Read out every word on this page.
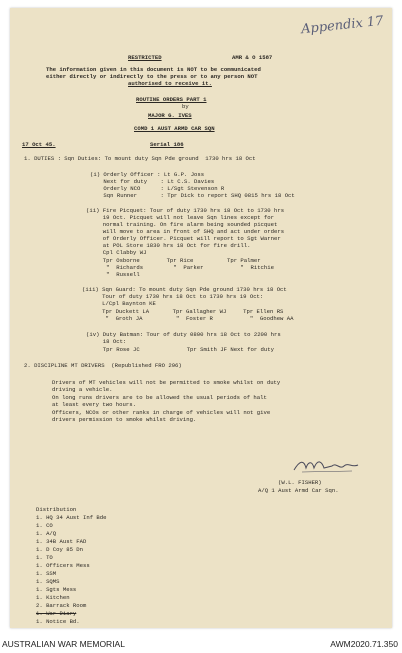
Appendix 17
RESTRICTED	AMR & O 1587
The information given in this document is NOT to be communicated
either directly or indirectly to the press or to any person NOT
authorised to receive it.
ROUTINE ORDERS PART 1
by
MAJOR G. IVES
COMD 1 AUST ARMD CAR SQN
17 Oct 45.	Serial 186
1. DUTIES : Sqn Duties: To mount duty Sqn Pde ground  1730 hrs 18 Oct
(i) Orderly Officer : Lt G.P. Joss
Next for duty    : Lt C.S. Davies
Orderly NCO      : L/Sgt Stevenson R
Sqn Runner       : Tpr Dick to report SHQ 0815 hrs 18 Oct
(ii) Fire Picquet: Tour of duty 1730 hrs 18 Oct to 1730 hrs
19 Oct. Picquet will not leave Sqn lines except for
normal training. On fire alarm being sounded picquet
will move to area in front of SHQ and act under orders
of Orderly Officer. Picquet will report to Sgt Warner
at POL Store 1830 hrs 18 Oct for fire drill.
Cpl Clabby WJ
Tpr Osborne        Tpr Rice          Tpr Palmer
"  Richards         "  Parker           "  Ritchie
"  Russell
(iii) Sqn Guard: To mount duty Sqn Pde ground 1730 hrs 18 Oct
Tour of duty 1730 hrs 18 Oct to 1730 hrs 19 Oct:
L/Cpl Baynton KE
Tpr Duckett LA       Tpr Gallagher WJ     Tpr Ellen RS
"  Groth JA          "  Foster R           "  Goodhew AA
(iv) Duty Batman: Tour of duty 0800 hrs 18 Oct to 2200 hrs
18 Oct:
Tpr Rose JC              Tpr Smith JF Next for duty
2. DISCIPLINE MT DRIVERS  (Republished FRO 296)
Drivers of MT vehicles will not be permitted to smoke whilst on duty
driving a vehicle.
On long runs drivers are to be allowed the usual periods of halt
at least every two hours.
Officers, NCOs or other ranks in charge of vehicles will not give
drivers permission to smoke whilst driving.
(W.L. FISHER)
A/Q 1 Aust Armd Car Sqn.
Distribution
1. HQ 34 Aust Inf Bde
1. CO
1. A/Q
1. 34B Aust FAD
1. D Coy 85 Dn
1. TO
1. Officers Mess
1. SSM
1. SQMS
1. Sgts Mess
1. Kitchen
2. Barrack Room
1. War Diary
1. Notice Bd.
AUSTRALIAN WAR MEMORIAL	AWM2020.71.350
